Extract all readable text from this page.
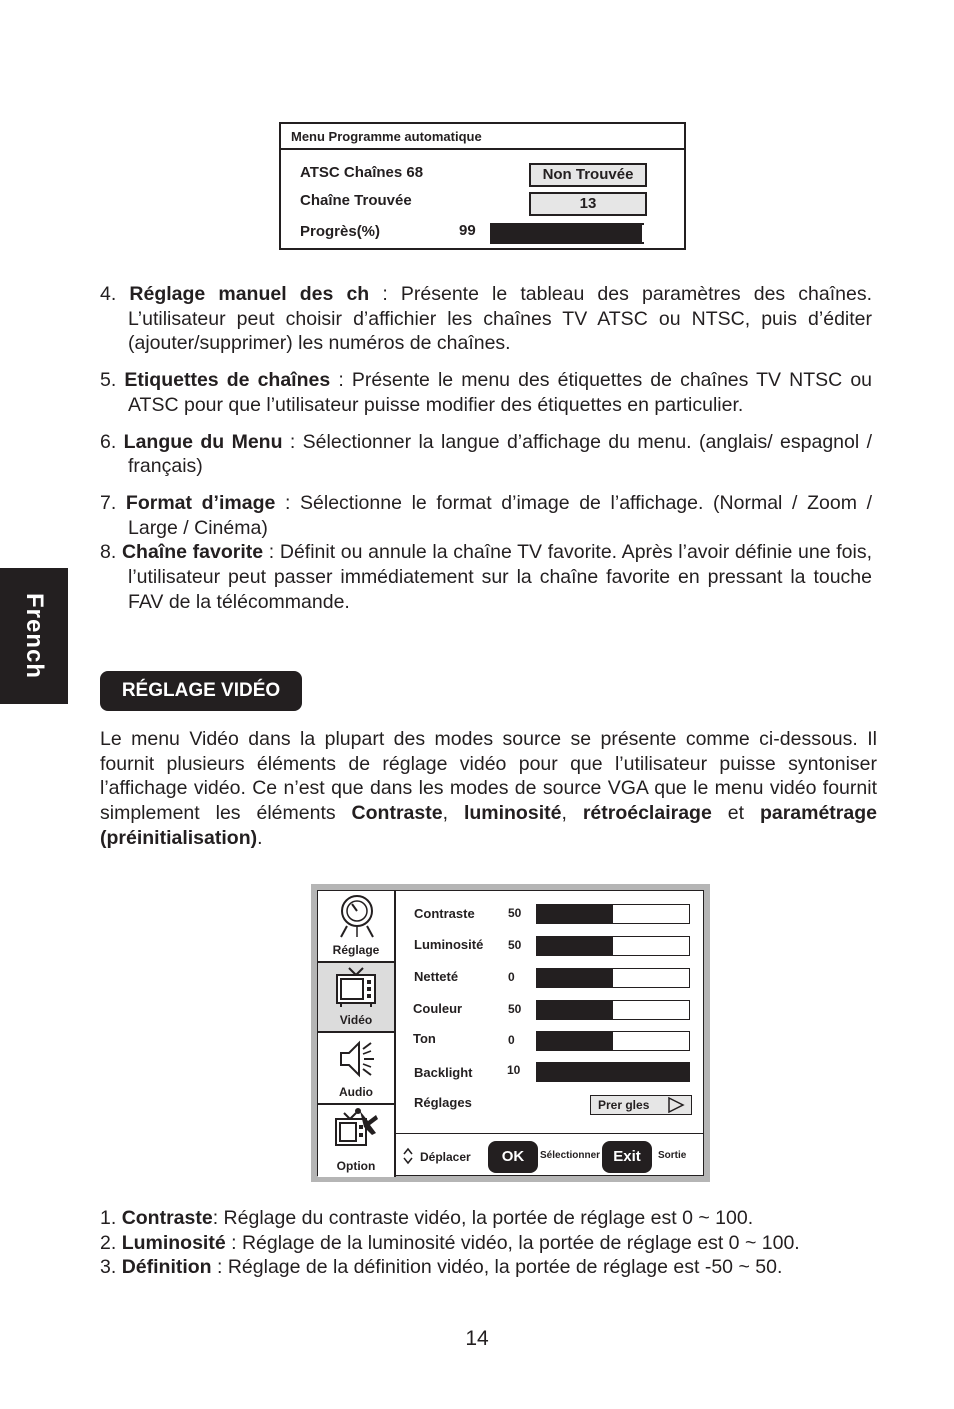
French
Menu Programme automatique
ATSC Chaînes 68	Non Trouvée
Chaîne Trouvée	13
Progrès(%)	99
4. Réglage manuel des ch : Présente le tableau des paramètres des chaînes. L’utilisateur peut choisir d’affichier les chaînes TV ATSC ou NTSC, puis d’éditer (ajouter/supprimer) les numéros de chaînes.
5. Etiquettes de chaînes : Présente le menu des étiquettes de chaînes TV NTSC ou ATSC pour que l’utilisateur puisse modifier des étiquettes en particulier.
6. Langue du Menu : Sélectionner la langue d’affichage du menu. (anglais/ espagnol / français)
7. Format d’image : Sélectionne le format d’image de l’affichage. (Normal / Zoom / Large / Cinéma)
8. Chaîne favorite : Définit ou annule la chaîne TV favorite. Après l’avoir définie une fois, l’utilisateur peut passer immédiatement sur la chaîne favorite en pressant la touche FAV de la télécommande.
RÉGLAGE VIDÉO
Le menu Vidéo dans la plupart des modes source se présente comme ci-dessous. Il fournit plusieurs éléments de réglage vidéo pour que l’utilisateur puisse syntoniser l’affichage vidéo. Ce n’est que dans les modes de source VGA que le menu vidéo fournit simplement les éléments Contraste, luminosité, rétroéclairage et paramétrage (préinitialisation).
Réglage
Vidéo
Audio
Option
Contraste	50
Luminosité 50
Netteté	0
Couleur	50
Ton	0
Backlight	10
Réglages	Prer gles
Déplacer	OK	Sélectionner Exit	Sortie
1. Contraste: Réglage du contraste vidéo, la portée de réglage est 0 ~ 100.
2. Luminosité : Réglage de la luminosité vidéo, la portée de réglage est 0 ~ 100.
3. Définition : Réglage de la définition vidéo, la portée de réglage est -50 ~ 50.
14
